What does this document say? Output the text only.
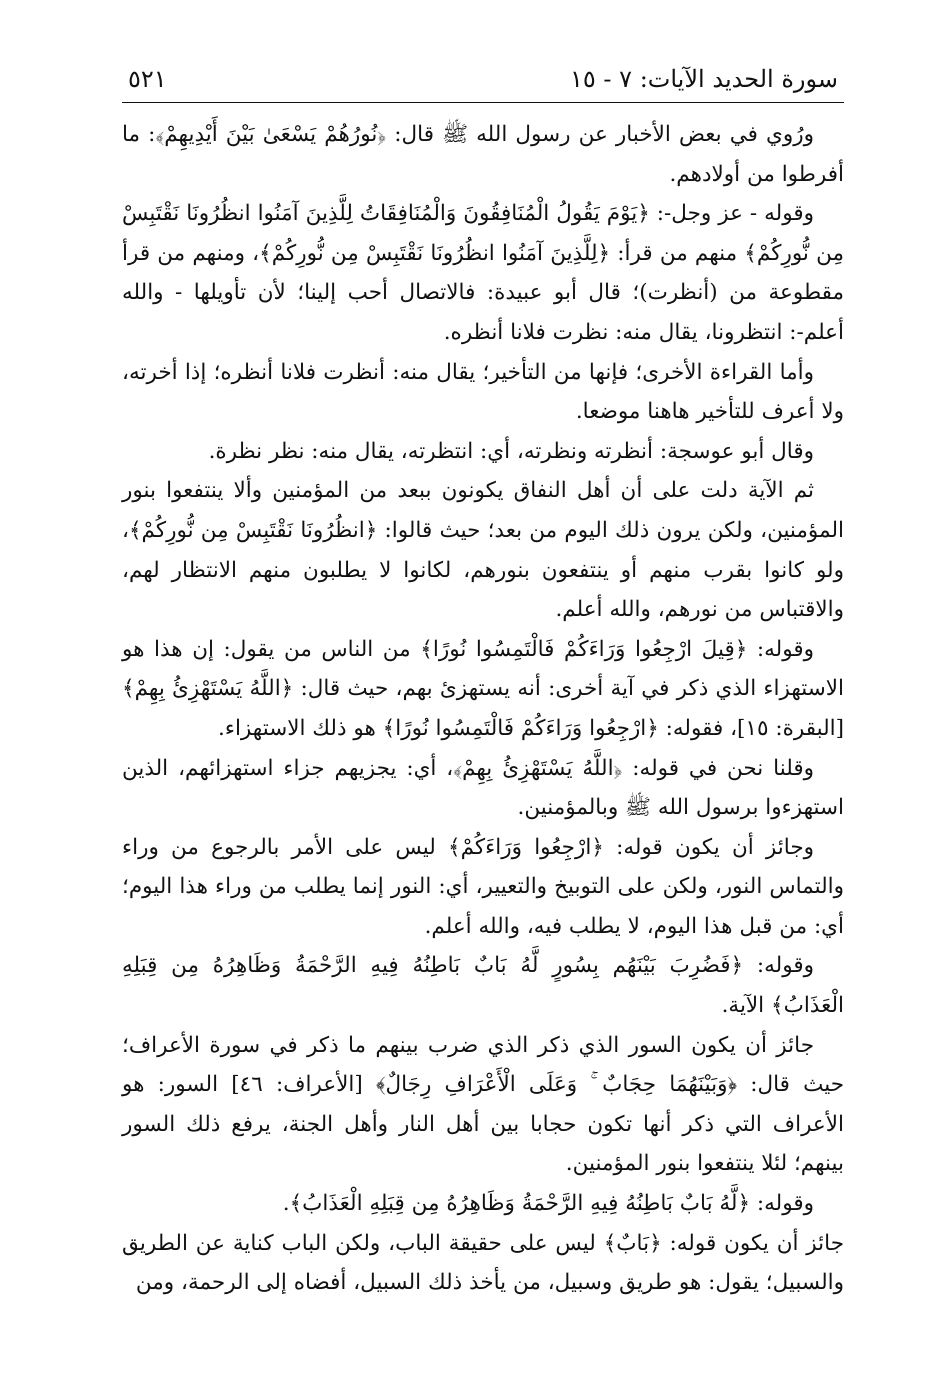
سورة الحديد الآيات: ٧ - ١٥
٥٢١

ورُوي في بعض الأخبار عن رسول الله ﷺ قال: ﴿نُورُهُمْ يَسْعَىٰ بَيْنَ أَيْدِيهِمْ﴾: ما أفرطوا من أولادهم.

وقوله - عز وجل-: ﴿يَوْمَ يَقُولُ الْمُنَافِقُونَ وَالْمُنَافِقَاتُ لِلَّذِينَ آمَنُوا انظُرُونَا نَقْتَبِسْ مِن نُّورِكُمْ﴾ منهم من قرأ: ﴿لِلَّذِينَ آمَنُوا انظُرُونَا نَقْتَبِسْ مِن نُّورِكُمْ﴾، ومنهم من قرأ مقطوعة من (أنظرت)؛ قال أبو عبيدة: فالاتصال أحب إلينا؛ لأن تأويلها - والله أعلم-: انتظرونا، يقال منه: نظرت فلانا أنظره.

وأما القراءة الأخرى؛ فإنها من التأخير؛ يقال منه: أنظرت فلانا أنظره؛ إذا أخرته، ولا أعرف للتأخير هاهنا موضعا.

وقال أبو عوسجة: أنظرته ونظرته، أي: انتظرته، يقال منه: نظر نظرة.

ثم الآية دلت على أن أهل النفاق يكونون ببعد من المؤمنين وألا ينتفعوا بنور المؤمنين، ولكن يرون ذلك اليوم من بعد؛ حيث قالوا: ﴿انظُرُونَا نَقْتَبِسْ مِن نُّورِكُمْ﴾، ولو كانوا بقرب منهم أو ينتفعون بنورهم، لكانوا لا يطلبون منهم الانتظار لهم، والاقتباس من نورهم، والله أعلم.

وقوله: ﴿قِيلَ ارْجِعُوا وَرَاءَكُمْ فَالْتَمِسُوا نُورًا﴾ من الناس من يقول: إن هذا هو الاستهزاء الذي ذكر في آية أخرى: أنه يستهزئ بهم، حيث قال: ﴿اللَّهُ يَسْتَهْزِئُ بِهِمْ﴾ [البقرة: ١٥]، فقوله: ﴿ارْجِعُوا وَرَاءَكُمْ فَالْتَمِسُوا نُورًا﴾ هو ذلك الاستهزاء.

وقلنا نحن في قوله: ﴿اللَّهُ يَسْتَهْزِئُ بِهِمْ﴾، أي: يجزيهم جزاء استهزائهم، الذين استهزءوا برسول الله ﷺ وبالمؤمنين.

وجائز أن يكون قوله: ﴿ارْجِعُوا وَرَاءَكُمْ﴾ ليس على الأمر بالرجوع من وراء والتماس النور، ولكن على التوبيخ والتعيير، أي: النور إنما يطلب من وراء هذا اليوم؛ أي: من قبل هذا اليوم، لا يطلب فيه، والله أعلم.

وقوله: ﴿فَضُرِبَ بَيْنَهُم بِسُورٍ لَّهُ بَابٌ بَاطِنُهُ فِيهِ الرَّحْمَةُ وَظَاهِرُهُ مِن قِبَلِهِ الْعَذَابُ﴾ الآية.

جائز أن يكون السور الذي ذكر الذي ضرب بينهم ما ذكر في سورة الأعراف؛ حيث قال: ﴿وَبَيْنَهُمَا حِجَابٌ ۚ وَعَلَى الْأَعْرَافِ رِجَالٌ﴾ [الأعراف: ٤٦] السور: هو الأعراف التي ذكر أنها تكون حجابا بين أهل النار وأهل الجنة، يرفع ذلك السور بينهم؛ لئلا ينتفعوا بنور المؤمنين.

وقوله: ﴿لَّهُ بَابٌ بَاطِنُهُ فِيهِ الرَّحْمَةُ وَظَاهِرُهُ مِن قِبَلِهِ الْعَذَابُ﴾.

جائز أن يكون قوله: ﴿بَابٌ﴾ ليس على حقيقة الباب، ولكن الباب كناية عن الطريق والسبيل؛ يقول: هو طريق وسبيل، من يأخذ ذلك السبيل، أفضاه إلى الرحمة، ومن
